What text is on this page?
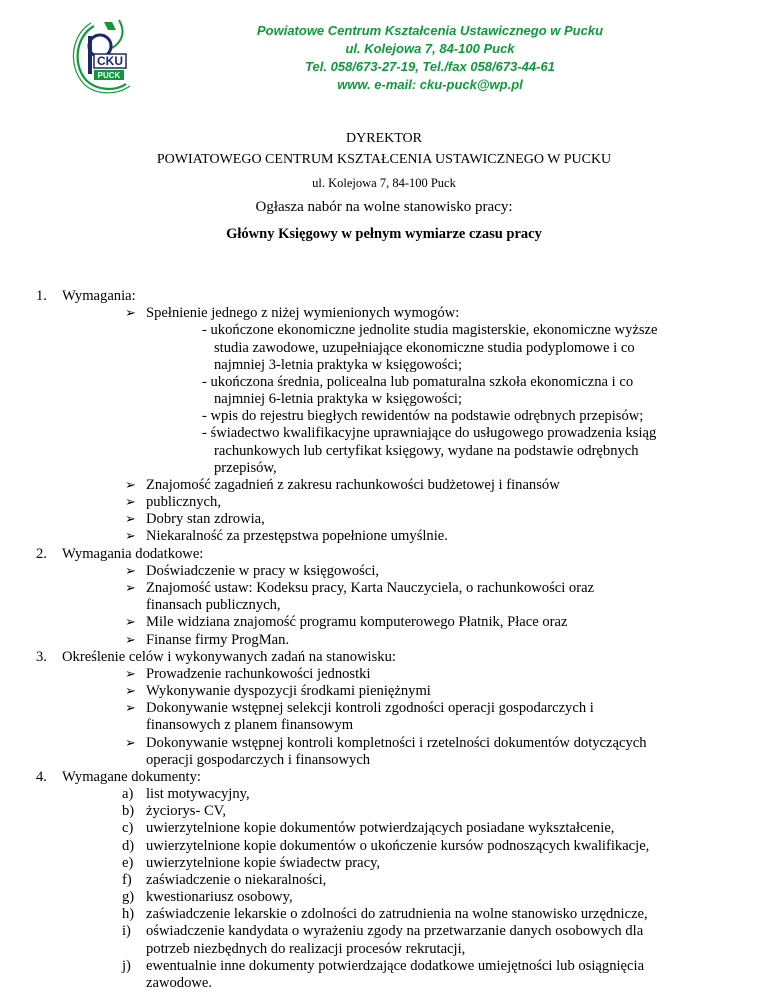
CKU
PUCK
Powiatowe Centrum Kształcenia Ustawicznego w Pucku
ul. Kolejowa 7, 84-100 Puck
Tel. 058/673-27-19, Tel./fax 058/673-44-61
www. e-mail: cku-puck@wp.pl
DYREKTOR
POWIATOWEGO CENTRUM KSZTAŁCENIA USTAWICZNEGO W PUCKU
ul. Kolejowa 7, 84-100 Puck
Ogłasza nabór na wolne stanowisko pracy:
Główny Księgowy w pełnym wymiarze czasu pracy
1. Wymagania:
➢ Spełnienie jednego z niżej wymienionych wymogów:
- ukończone ekonomiczne jednolite studia magisterskie, ekonomiczne wyższe
studia zawodowe, uzupełniające ekonomiczne studia podyplomowe i co
najmniej 3-letnia praktyka w księgowości;
- ukończona średnia, policealna lub pomaturalna szkoła ekonomiczna i co
najmniej 6-letnia praktyka w księgowości;
- wpis do rejestru biegłych rewidentów na podstawie odrębnych przepisów;
- świadectwo kwalifikacyjne uprawniające do usługowego prowadzenia ksiąg
rachunkowych lub certyfikat księgowy, wydane na podstawie odrębnych
przepisów,
➢ Znajomość zagadnień z zakresu rachunkowości budżetowej i finansów
➢ publicznych,
➢ Dobry stan zdrowia,
➢ Niekaralność za przestępstwa popełnione umyślnie.
2. Wymagania dodatkowe:
➢ Doświadczenie w pracy w księgowości,
➢ Znajomość ustaw: Kodeksu pracy, Karta Nauczyciela, o rachunkowości oraz
finansach publicznych,
➢ Mile widziana znajomość programu komputerowego Płatnik, Płace oraz
➢ Finanse firmy ProgMan.
3. Określenie celów i wykonywanych zadań na stanowisku:
➢ Prowadzenie rachunkowości jednostki
➢ Wykonywanie dyspozycji środkami pieniężnymi
➢ Dokonywanie wstępnej selekcji kontroli zgodności operacji gospodarczych i
finansowych z planem finansowym
➢ Dokonywanie wstępnej kontroli kompletności i rzetelności dokumentów dotyczących
operacji gospodarczych i finansowych
4. Wymagane dokumenty:
a) list motywacyjny,
b) życiorys- CV,
c) uwierzytelnione kopie dokumentów potwierdzających posiadane wykształcenie,
d) uwierzytelnione kopie dokumentów o ukończenie kursów podnoszących kwalifikacje,
e) uwierzytelnione kopie świadectw pracy,
f) zaświadczenie o niekaralności,
g) kwestionariusz osobowy,
h) zaświadczenie lekarskie o zdolności do zatrudnienia na wolne stanowisko urzędnicze,
i) oświadczenie kandydata o wyrażeniu zgody na przetwarzanie danych osobowych dla
potrzeb niezbędnych do realizacji procesów rekrutacji,
j) ewentualnie inne dokumenty potwierdzające dodatkowe umiejętności lub osiągnięcia
zawodowe.
